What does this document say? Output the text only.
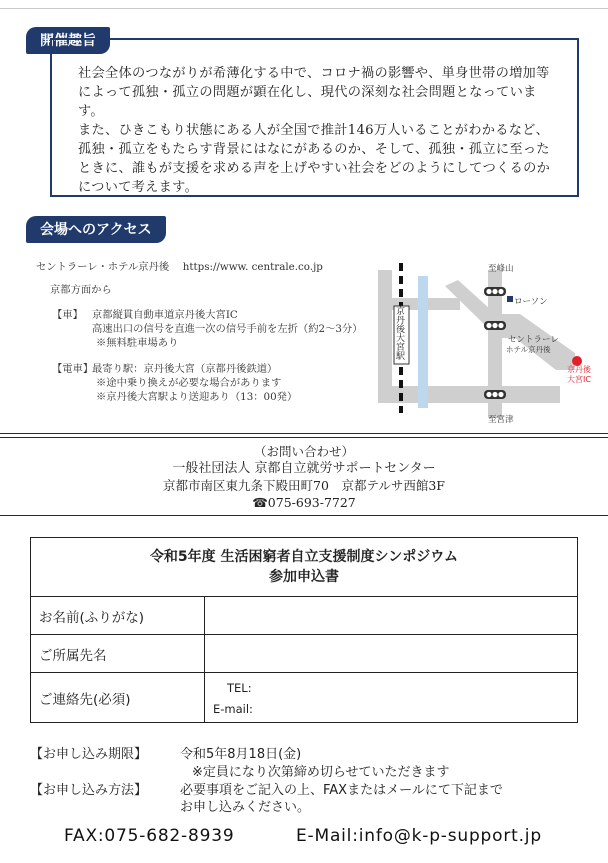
開催趣旨

社会全体のつながりが希薄化する中で、コロナ禍の影響や、単身世帯の増加等によって孤独・孤立の問題が顕在化し、現代の深刻な社会問題となっています。

また、ひきこもり状態にある人が全国で推計146万人いることがわかるなど、孤独・孤立をもたらす背景にはなにがあるのか、そして、孤独・孤立に至ったときに、誰もが支援を求める声を上げやすい社会をどのようにしてつくるのかについて考えます。

会場へのアクセス
セントラーレ・ホテル京丹後　 https://www. centrale.co.jp
京都方面から
【車】 京都縦貫自動車道京丹後大宮IC
高速出口の信号を直進一次の信号手前を左折（約2～3分）
※無料駐車場あり
【電車】
最寄り駅：京丹後大宮（京都丹後鉄道）
※途中乗り換えが必要な場合があります
※京丹後大宮駅より送迎あり（13：00発）
京丹後大宮駅
至峰山
ローソン
セントラーレ
ホテル京丹後
京丹後
大宮IC
至宮津
（お問い合わせ）
一般社団法人 京都自立就労サポートセンター
京都市南区東九条下殿田町70　京都テルサ西館3F
☎075-693-7727
令和5年度 生活困窮者自立支援制度シンポジウム
参加申込書
お名前(ふりがな)
ご所属先名
ご連絡先(必須)
TEL:
E-mail:
【お申し込み期限】	令和5年8月18日(金)
※定員になり次第締め切らせていただきます
【お申し込み方法】	必要事項をご記入の上、FAXまたはメールにて下記まで
お申し込みください。
FAX:075-682-8939	E-Mail:info@k-p-support.jp
